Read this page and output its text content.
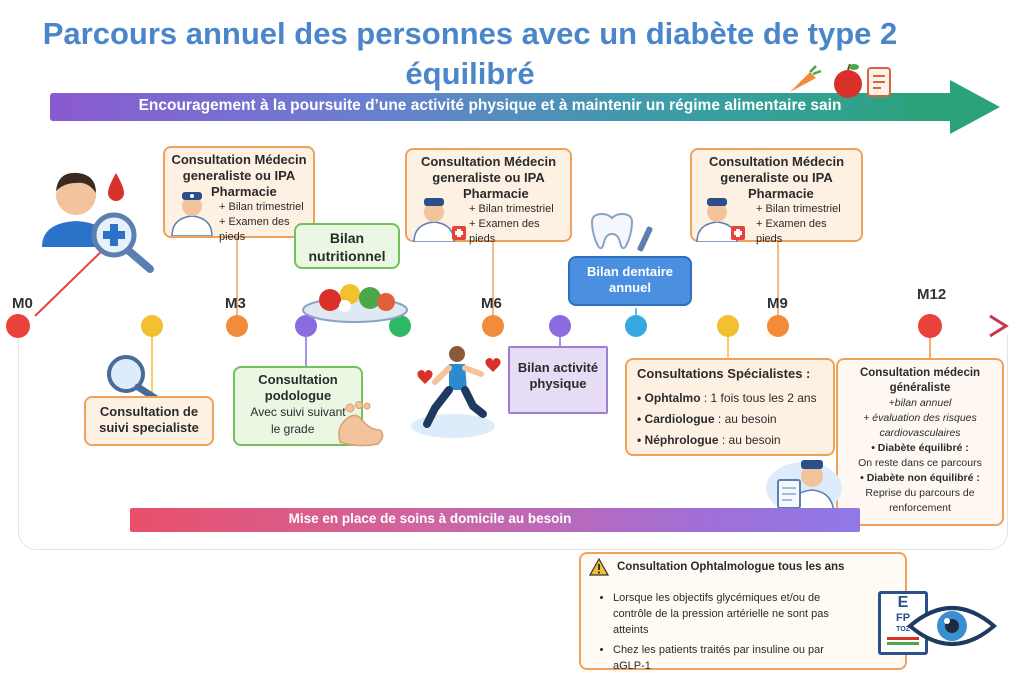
Parcours annuel des personnes avec un diabète de type 2
équilibré
Encouragement à la poursuite d’une activité physique et à maintenir un régime alimentaire sain
M0	M3	M6	M9
M12
Consultation Médecin
generaliste ou IPA
Pharmacie
+ Bilan trimestriel
+ Examen des pieds
Consultation Médecin
generaliste ou IPA
Pharmacie
+ Bilan trimestriel
+ Examen des pieds
Consultation Médecin
generaliste ou IPA
Pharmacie
+ Bilan trimestriel
+ Examen des pieds
Bilan
nutritionnel
Bilan dentaire
annuel
Consultation de
suivi specialiste
Consultation
podologue
Avec suivi suivant
le grade
Bilan activité
physique
Consultations Spécialistes :
• Ophtalmo : 1 fois tous les 2 ans
• Cardiologue : au besoin
• Néphrologue : au besoin
Consultation médecin
généraliste
+bilan annuel
+ évaluation des risques
cardiovasculaires
• Diabète équilibré :
On reste dans ce parcours
• Diabète non équilibré :
Reprise du parcours de
renforcement
Mise en place de soins à domicile au besoin
Consultation Ophtalmologue tous les ans
• Lorsque les objectifs glycémiques et/ou de contrôle de la pression artérielle ne sont pas atteints
• Chez les patients traités par insuline ou par aGLP-1
E
FP
TOZ
